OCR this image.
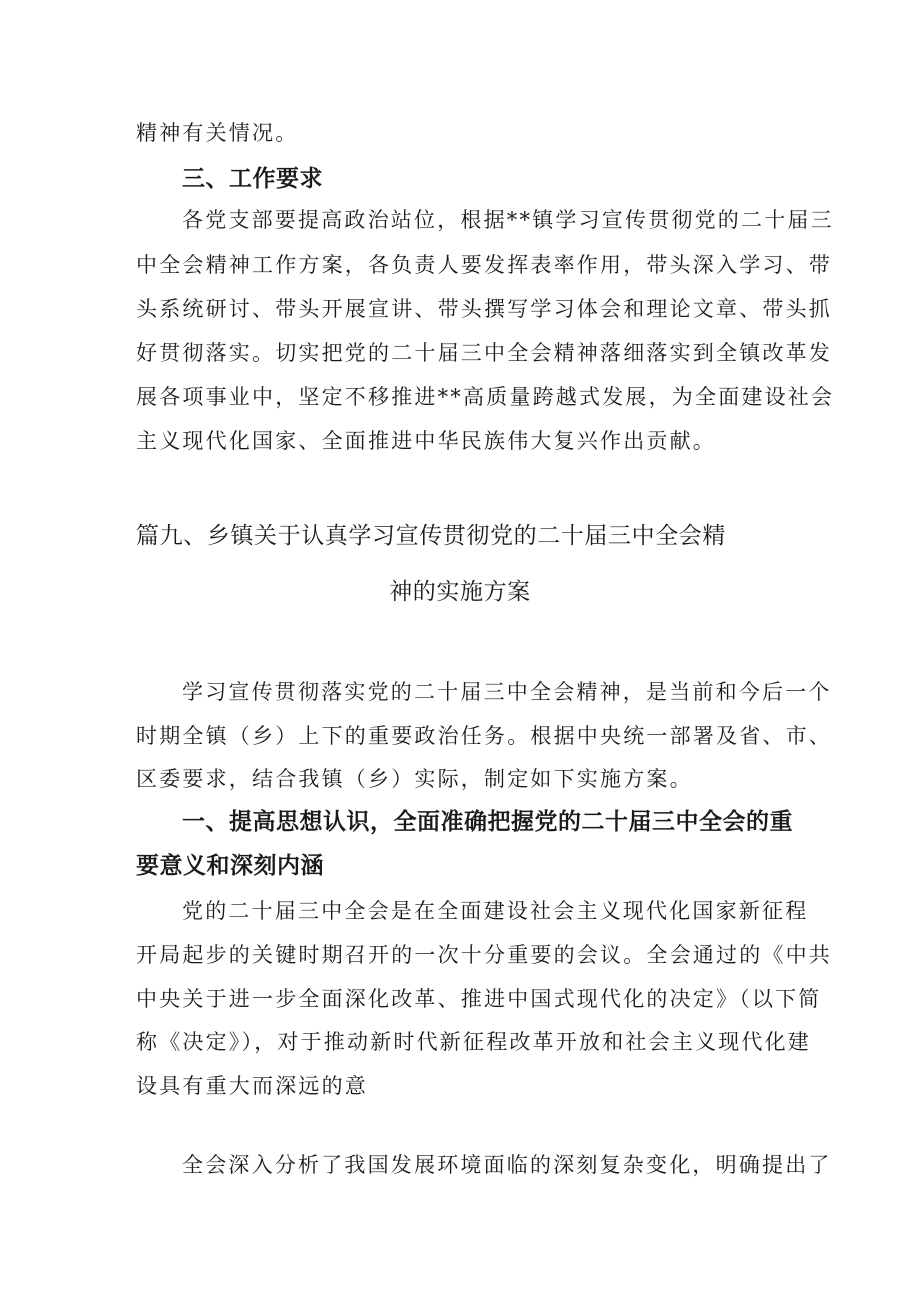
精神有关情况。

三、工作要求

各党支部要提高政治站位，根据**镇学习宣传贯彻党的二十届三

中全会精神工作方案，各负责人要发挥表率作用，带头深入学习、带

头系统研讨、带头开展宣讲、带头撰写学习体会和理论文章、带头抓

好贯彻落实。切实把党的二十届三中全会精神落细落实到全镇改革发

展各项事业中，坚定不移推进**高质量跨越式发展，为全面建设社会

主义现代化国家、全面推进中华民族伟大复兴作出贡献。

篇九、乡镇关于认真学习宣传贯彻党的二十届三中全会精

神的实施方案

学习宣传贯彻落实党的二十届三中全会精神，是当前和今后一个

时期全镇（乡）上下的重要政治任务。根据中央统一部署及省、市、

区委要求，结合我镇（乡）实际，制定如下实施方案。

一、提高思想认识，全面准确把握党的二十届三中全会的重

要意义和深刻内涵

党的二十届三中全会是在全面建设社会主义现代化国家新征程

开局起步的关键时期召开的一次十分重要的会议。全会通过的《中共

中央关于进一步全面深化改革、推进中国式现代化的决定》（以下简

称《决定》），对于推动新时代新征程改革开放和社会主义现代化建

设具有重大而深远的意

全会深入分析了我国发展环境面临的深刻复杂变化，明确提出了
